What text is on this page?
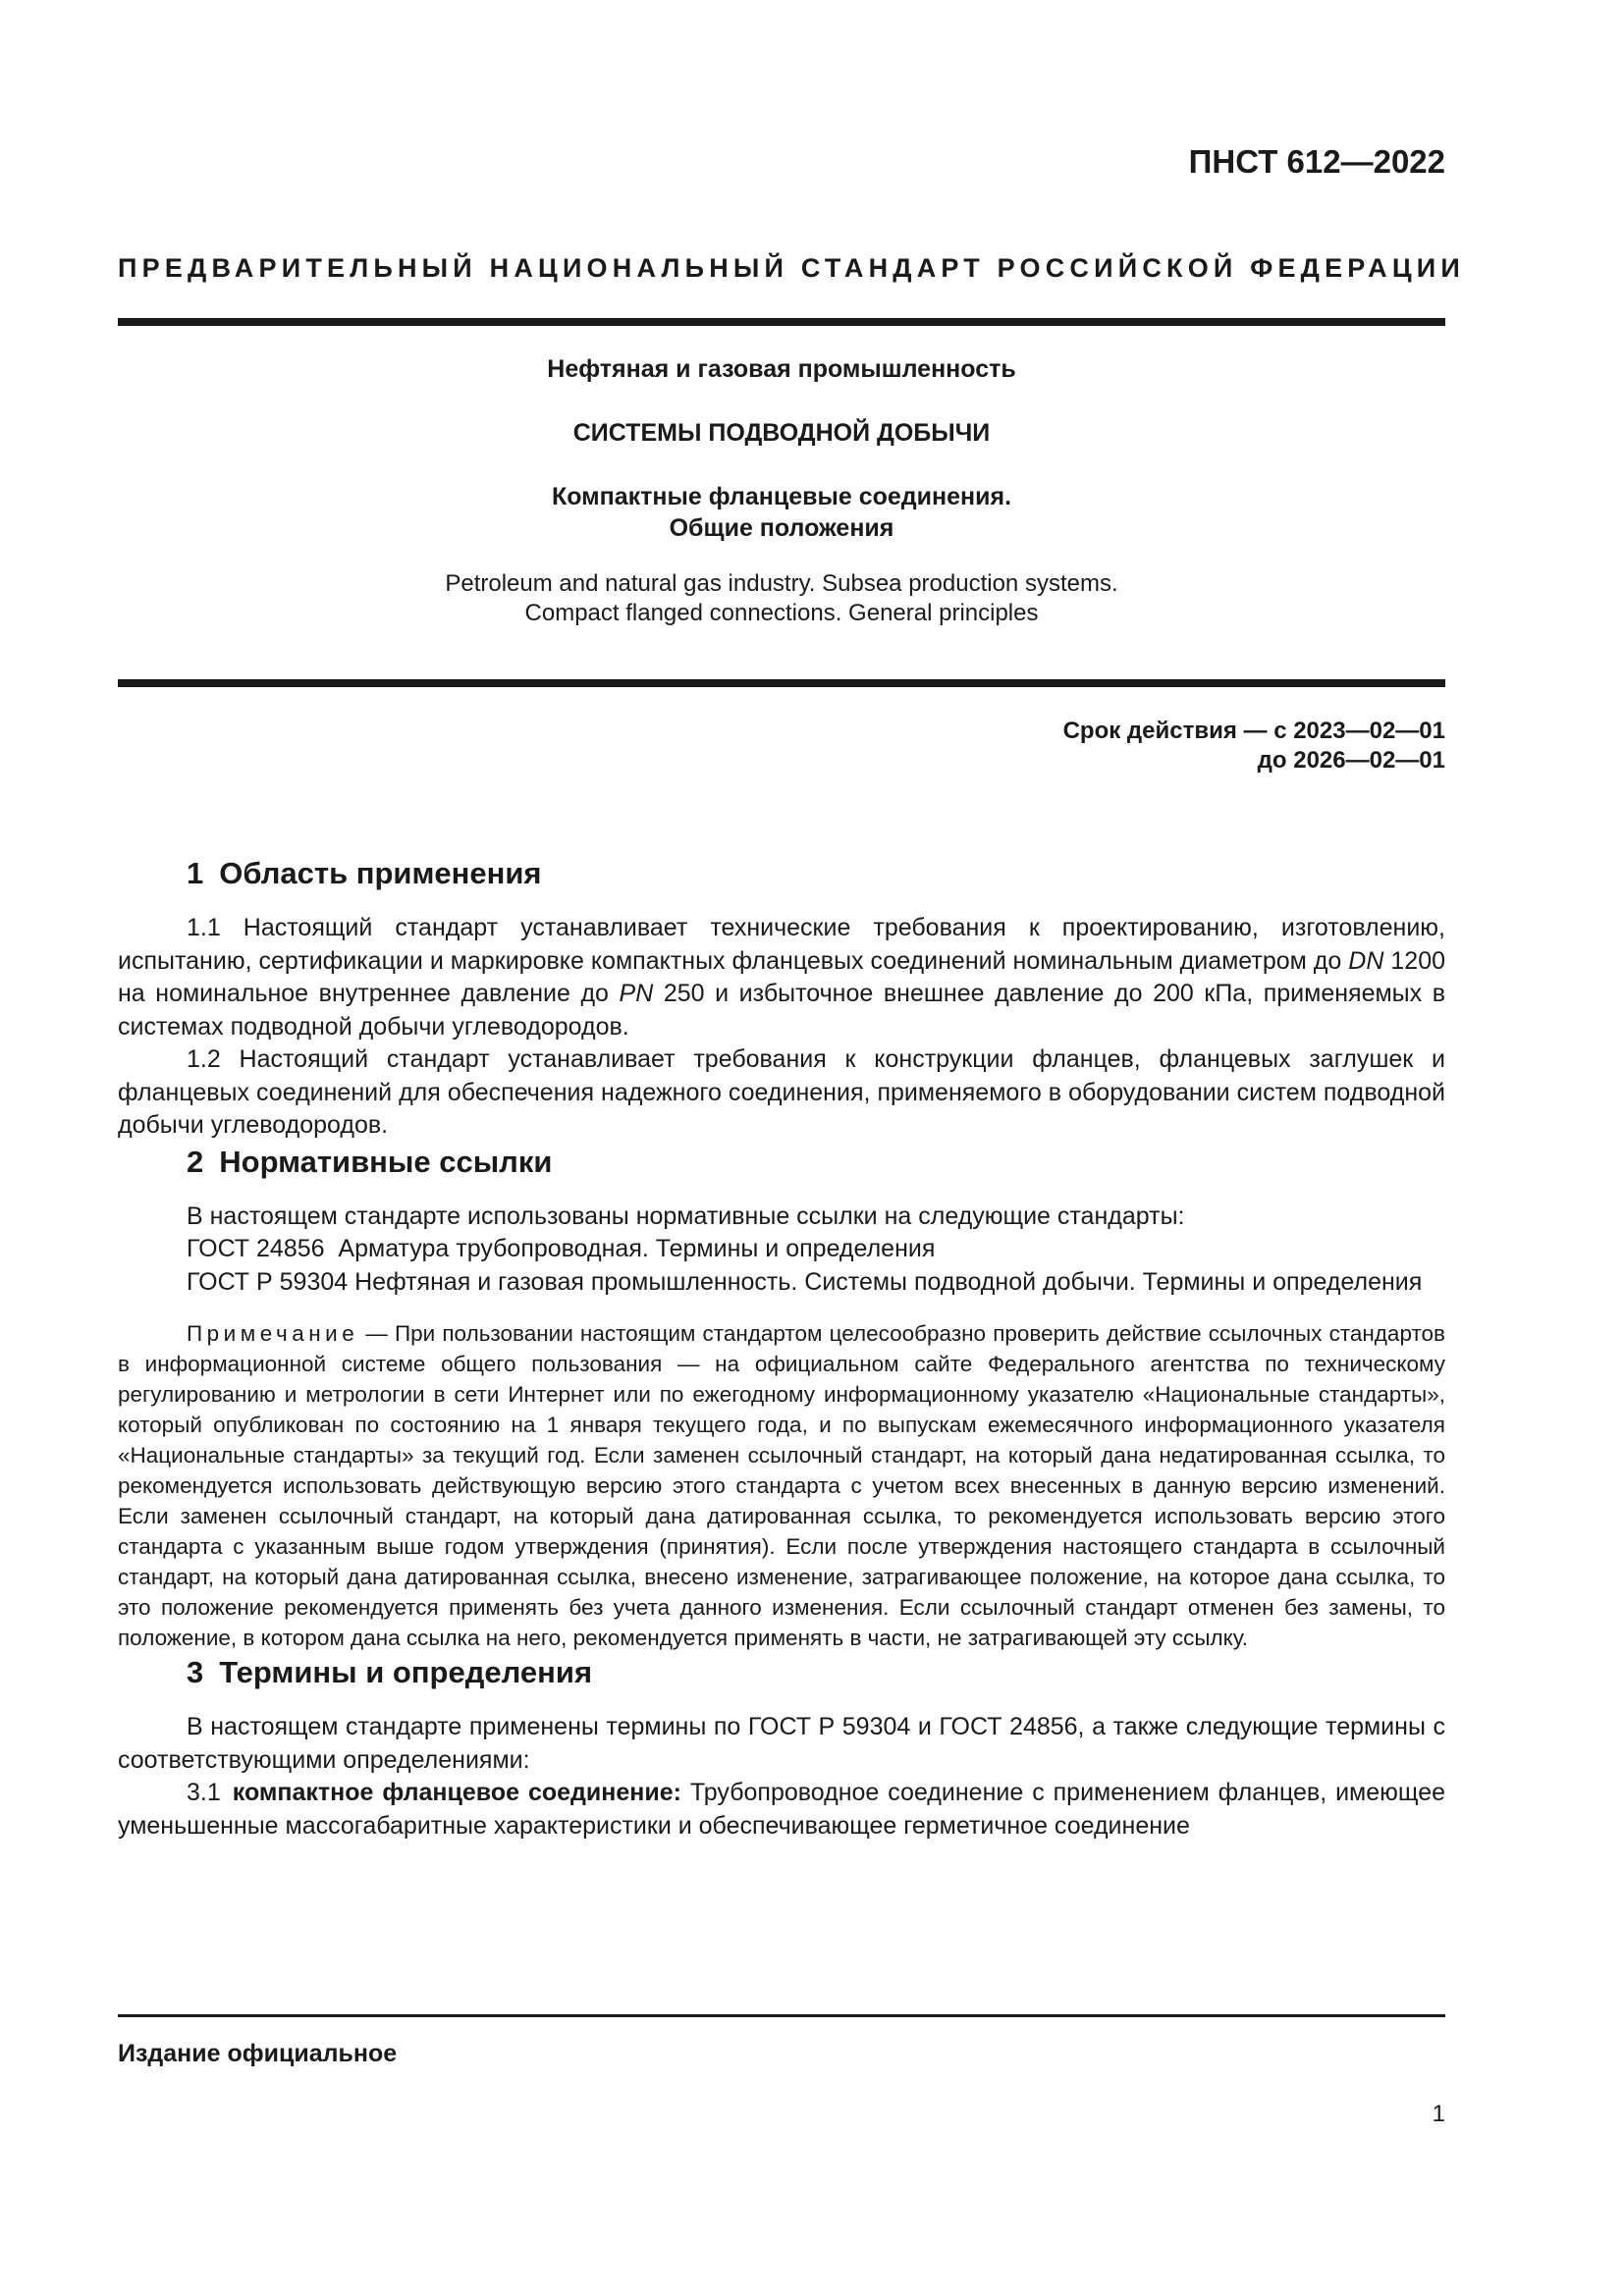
ПНСТ 612—2022

ПРЕДВАРИТЕЛЬНЫЙ НАЦИОНАЛЬНЫЙ СТАНДАРТ РОССИЙСКОЙ ФЕДЕРАЦИИ

Нефтяная и газовая промышленность

СИСТЕМЫ ПОДВОДНОЙ ДОБЫЧИ

Компактные фланцевые соединения.
Общие положения

Petroleum and natural gas industry. Subsea production systems.
Compact flanged connections. General principles

Срок действия — с 2023—02—01
до 2026—02—01
1 Область применения

1.1 Настоящий стандарт устанавливает технические требования к проектированию, изготовлению, испытанию, сертификации и маркировке компактных фланцевых соединений номинальным диаметром до DN 1200 на номинальное внутреннее давление до PN 250 и избыточное внешнее давление до 200 кПа, применяемых в системах подводной добычи углеводородов.

1.2 Настоящий стандарт устанавливает требования к конструкции фланцев, фланцевых заглушек и фланцевых соединений для обеспечения надежного соединения, применяемого в оборудовании систем подводной добычи углеводородов.

2 Нормативные ссылки

В настоящем стандарте использованы нормативные ссылки на следующие стандарты:

ГОСТ 24856  Арматура трубопроводная. Термины и определения

ГОСТ Р 59304 Нефтяная и газовая промышленность. Системы подводной добычи. Термины и определения

Примечание — При пользовании настоящим стандартом целесообразно проверить действие ссылочных стандартов в информационной системе общего пользования — на официальном сайте Федерального агентства по техническому регулированию и метрологии в сети Интернет или по ежегодному информационному указателю «Национальные стандарты», который опубликован по состоянию на 1 января текущего года, и по выпускам ежемесячного информационного указателя «Национальные стандарты» за текущий год. Если заменен ссылочный стандарт, на который дана недатированная ссылка, то рекомендуется использовать действующую версию этого стандарта с учетом всех внесенных в данную версию изменений. Если заменен ссылочный стандарт, на который дана датированная ссылка, то рекомендуется использовать версию этого стандарта с указанным выше годом утверждения (принятия). Если после утверждения настоящего стандарта в ссылочный стандарт, на который дана датированная ссылка, внесено изменение, затрагивающее положение, на которое дана ссылка, то это положение рекомендуется применять без учета данного изменения. Если ссылочный стандарт отменен без замены, то положение, в котором дана ссылка на него, рекомендуется применять в части, не затрагивающей эту ссылку.

3 Термины и определения

В настоящем стандарте применены термины по ГОСТ Р 59304 и ГОСТ 24856, а также следующие термины с соответствующими определениями:

3.1 компактное фланцевое соединение: Трубопроводное соединение с применением фланцев, имеющее уменьшенные массогабаритные характеристики и обеспечивающее герметичное соединение

Издание официальное

1
